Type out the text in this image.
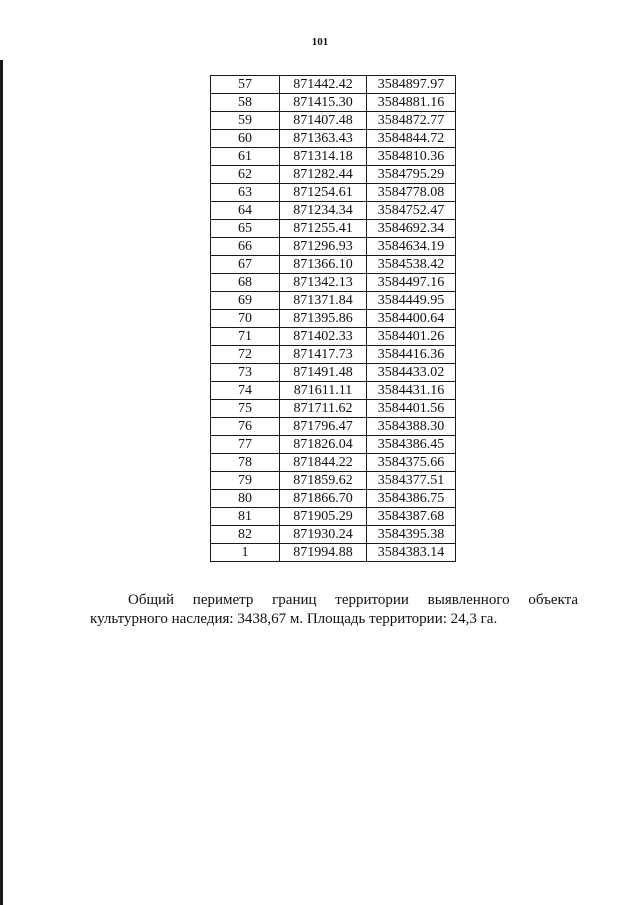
101
57	871442.42	3584897.97
58	871415.30	3584881.16
59	871407.48	3584872.77
60	871363.43	3584844.72
61	871314.18	3584810.36
62	871282.44	3584795.29
63	871254.61	3584778.08
64	871234.34	3584752.47
65	871255.41	3584692.34
66	871296.93	3584634.19
67	871366.10	3584538.42
68	871342.13	3584497.16
69	871371.84	3584449.95
70	871395.86	3584400.64
71	871402.33	3584401.26
72	871417.73	3584416.36
73	871491.48	3584433.02
74	871611.11	3584431.16
75	871711.62	3584401.56
76	871796.47	3584388.30
77	871826.04	3584386.45
78	871844.22	3584375.66
79	871859.62	3584377.51
80	871866.70	3584386.75
81	871905.29	3584387.68
82	871930.24	3584395.38
1	871994.88	3584383.14
Общий периметр границ территории выявленного объекта
культурного наследия: 3438,67 м. Площадь территории: 24,3 га.
